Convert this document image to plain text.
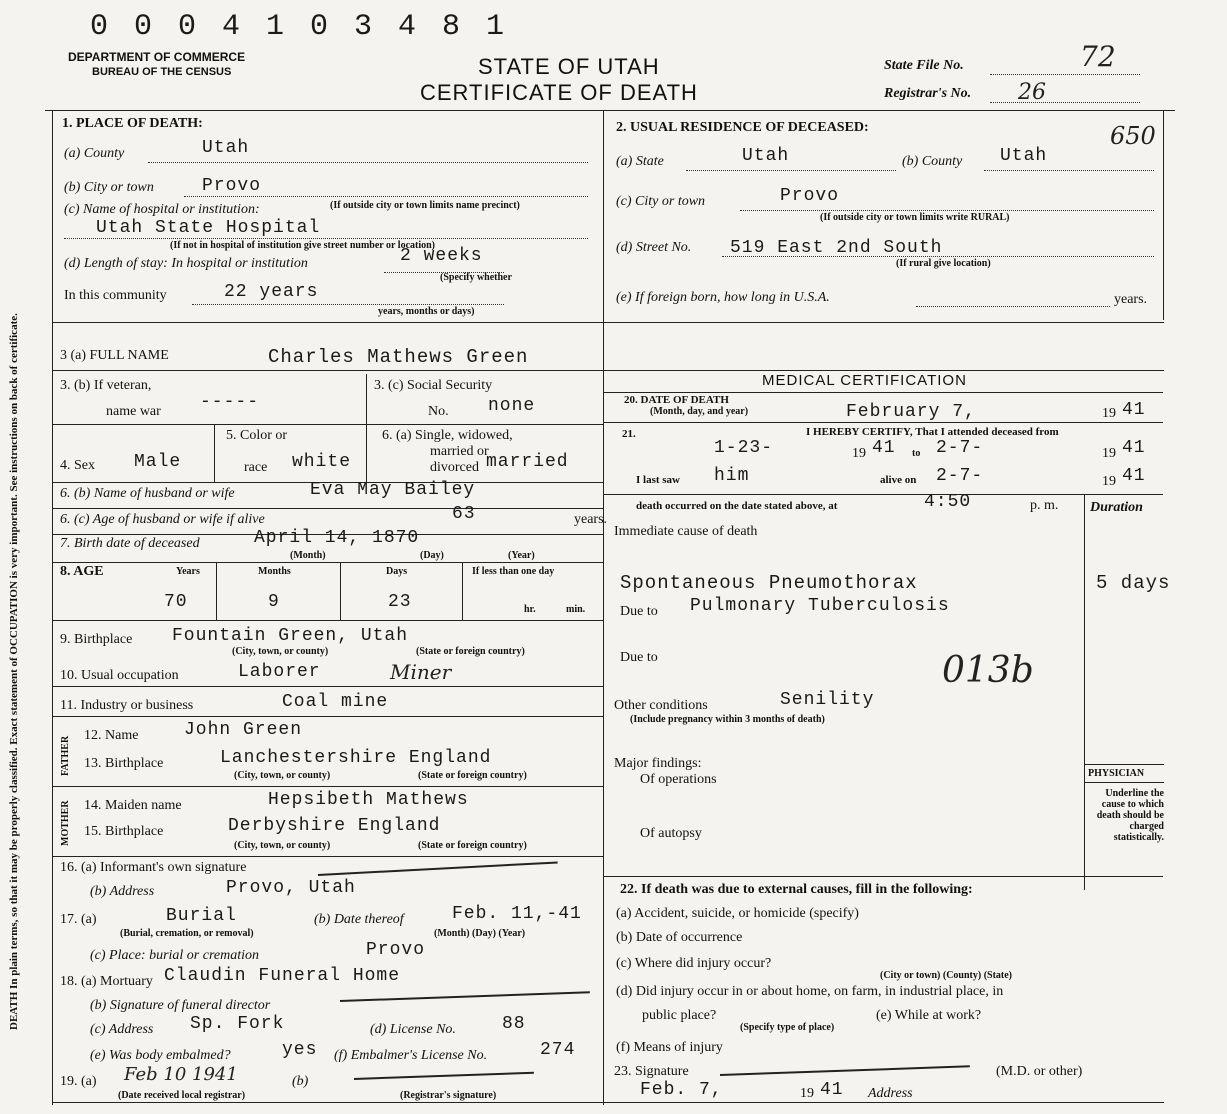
0 0 0 4 1 0 3 4 8 1
DEPARTMENT OF COMMERCE
BUREAU OF THE CENSUS	STATE OF UTAH
CERTIFICATE OF DEATH
State File No.	72
Registrar's No. 26
650
DEATH In plain terms, so that it may be properly classified. Exact statement of OCCUPATION is very important. See instructions on back of certificate.
1. PLACE OF DEATH:
(a) County	Utah
(b) City or town	Provo
(c) Name of hospital or institution:	(If outside city or town limits name precinct)
Utah State Hospital
(If not in hospital of institution give street number or location)
(d) Length of stay: In hospital or institution	2 weeks
(Specify whether
In this community	22 years
years, months or days)
2. USUAL RESIDENCE OF DECEASED:
(a) State	Utah	(b) County Utah
(c) City or town	Provo
(If outside city or town limits write RURAL)
(d) Street No. 519 East 2nd South
(If rural give location)
(e) If foreign born, how long in U.S.A.	years.
3 (a) FULL NAME	Charles Mathews Green
3. (b) If veteran,
name war -----
3. (c) Social Security
No. none
4. Sex Male
5. Color or
race white
6. (a) Single, widowed,
married or
divorced married
6. (b) Name of husband or wife	Eva May Bailey
6. (c) Age of husband or wife if alive	63	years.
7. Birth date of deceased	April 14, 1870
(Month)	(Day)	(Year)
8. AGE	Years	Months	Days	If less than one day
70	9	23	hr.	min.
9. Birthplace Fountain Green, Utah
(City, town, or county)	(State or foreign country)
10. Usual occupation	Laborer	Miner
11. Industry or business	Coal mine
FATHER
MOTHER
12. Name	John Green
13. Birthplace	Lanchestershire England
(City, town, or county)	(State or foreign country)
14. Maiden name	Hepsibeth Mathews
15. Birthplace	Derbyshire England
(City, town, or county)	(State or foreign country)
16. (a) Informant's own signature
(b) Address	Provo, Utah
17. (a)	Burial
(Burial, cremation, or removal)
(b) Date thereof	Feb. 11,-41
(Month) (Day) (Year)
(c) Place: burial or cremation	Provo
18. (a) Mortuary Claudin Funeral Home
(b) Signature of funeral director
(c) Address Sp. Fork	(d) License No.	88
(e) Was body embalmed?	yes (f) Embalmer's License No.	274
19. (a) Feb 10 1941	(b)
(Date received local registrar)	(Registrar's signature)
MEDICAL CERTIFICATION
20. DATE OF DEATH
(Month, day, and year)	February 7,	19 41
21.	I HEREBY CERTIFY, That I attended deceased from
1-23-	19 41 to 2-7-	19 41
I last saw him	alive on 2-7-	19 41
death occurred on the date stated above, at	4:50	p. m. Duration
Immediate cause of death
Spontaneous Pneumothorax	5 days
Due to Pulmonary Tuberculosis
Due to	013b
Other conditions	Senility
(Include pregnancy within 3 months of death)
Major findings:
Of operations
Of autopsy
PHYSICIAN
Underline the cause to which death should be charged statistically.
22. If death was due to external causes, fill in the following:
(a) Accident, suicide, or homicide (specify)
(b) Date of occurrence
(c) Where did injury occur?
(City or town) (County) (State)
(d) Did injury occur in or about home, on farm, in industrial place, in
public place?
(Specify type of place)
(e) While at work?
(f) Means of injury
23. Signature	(M.D. or other)
Feb. 7,	19 41 Address
